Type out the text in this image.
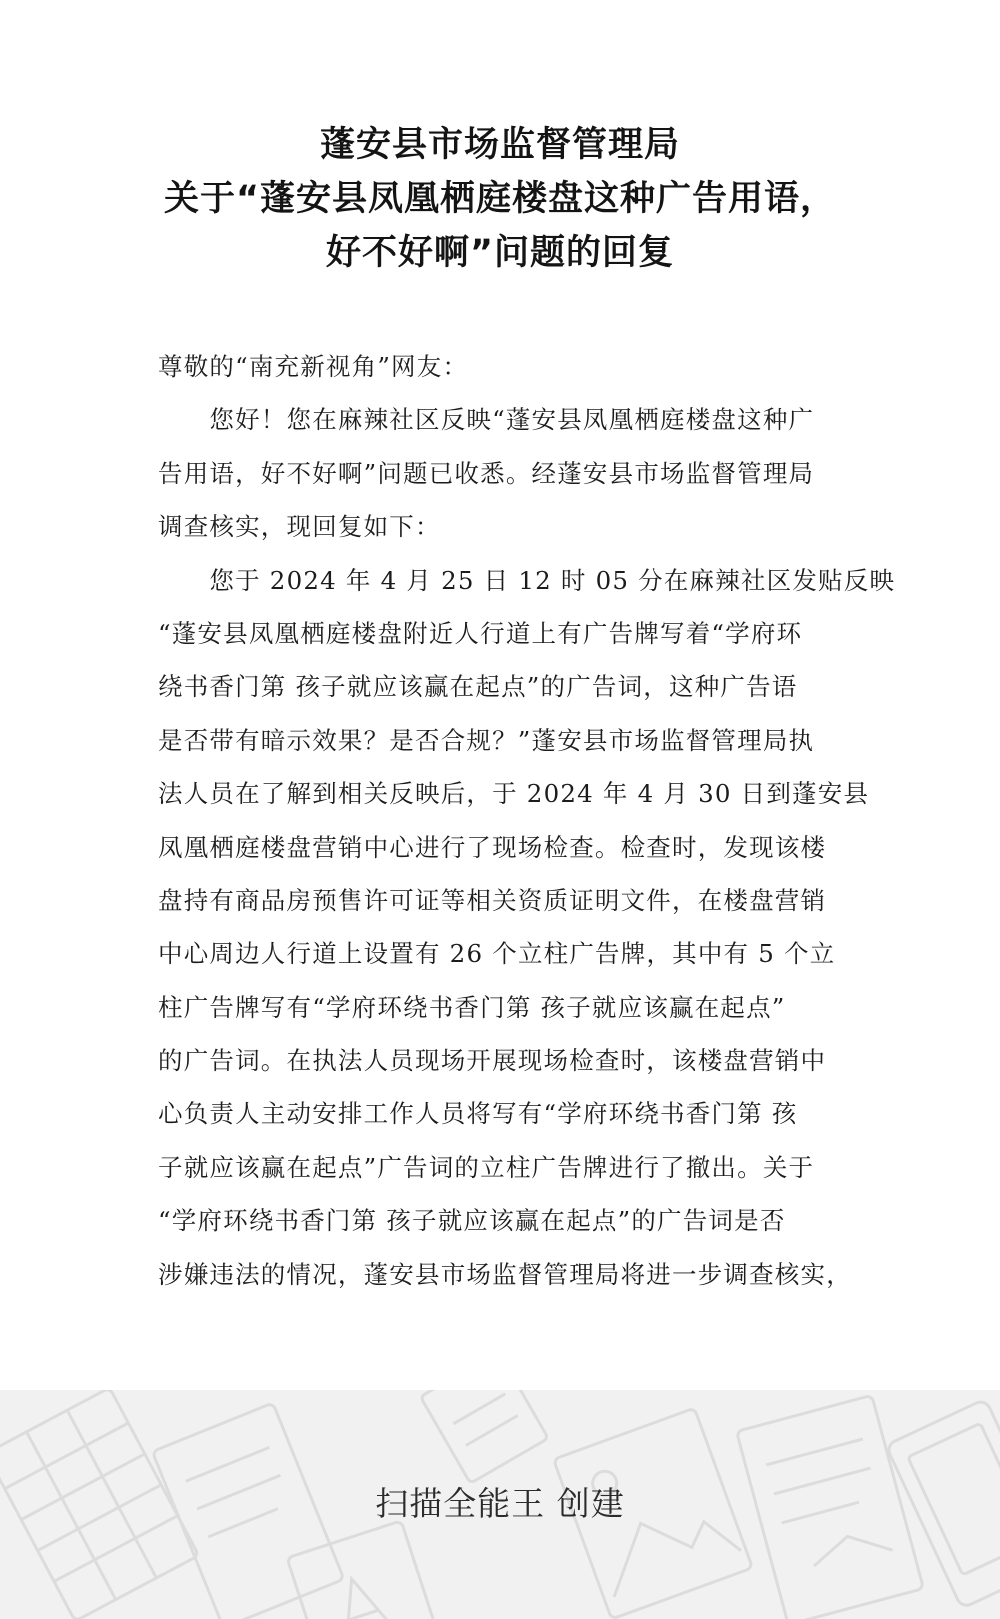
蓬安县市场监督管理局
关于“蓬安县凤凰栖庭楼盘这种广告用语，
好不好啊”问题的回复
尊敬的“南充新视角”网友：
　　您好！您在麻辣社区反映“蓬安县凤凰栖庭楼盘这种广
告用语，好不好啊”问题已收悉。经蓬安县市场监督管理局
调查核实，现回复如下：
　　您于 2024 年 4 月 25 日 12 时 05 分在麻辣社区发贴反映
“蓬安县凤凰栖庭楼盘附近人行道上有广告牌写着“学府环
绕书香门第 孩子就应该赢在起点”的广告词，这种广告语
是否带有暗示效果？是否合规？”蓬安县市场监督管理局执
法人员在了解到相关反映后，于 2024 年 4 月 30 日到蓬安县
凤凰栖庭楼盘营销中心进行了现场检查。检查时，发现该楼
盘持有商品房预售许可证等相关资质证明文件，在楼盘营销
中心周边人行道上设置有 26 个立柱广告牌，其中有 5 个立
柱广告牌写有“学府环绕书香门第 孩子就应该赢在起点”
的广告词。在执法人员现场开展现场检查时，该楼盘营销中
心负责人主动安排工作人员将写有“学府环绕书香门第 孩
子就应该赢在起点”广告词的立柱广告牌进行了撤出。关于
“学府环绕书香门第 孩子就应该赢在起点”的广告词是否
涉嫌违法的情况，蓬安县市场监督管理局将进一步调查核实，
扫描全能王 创建
